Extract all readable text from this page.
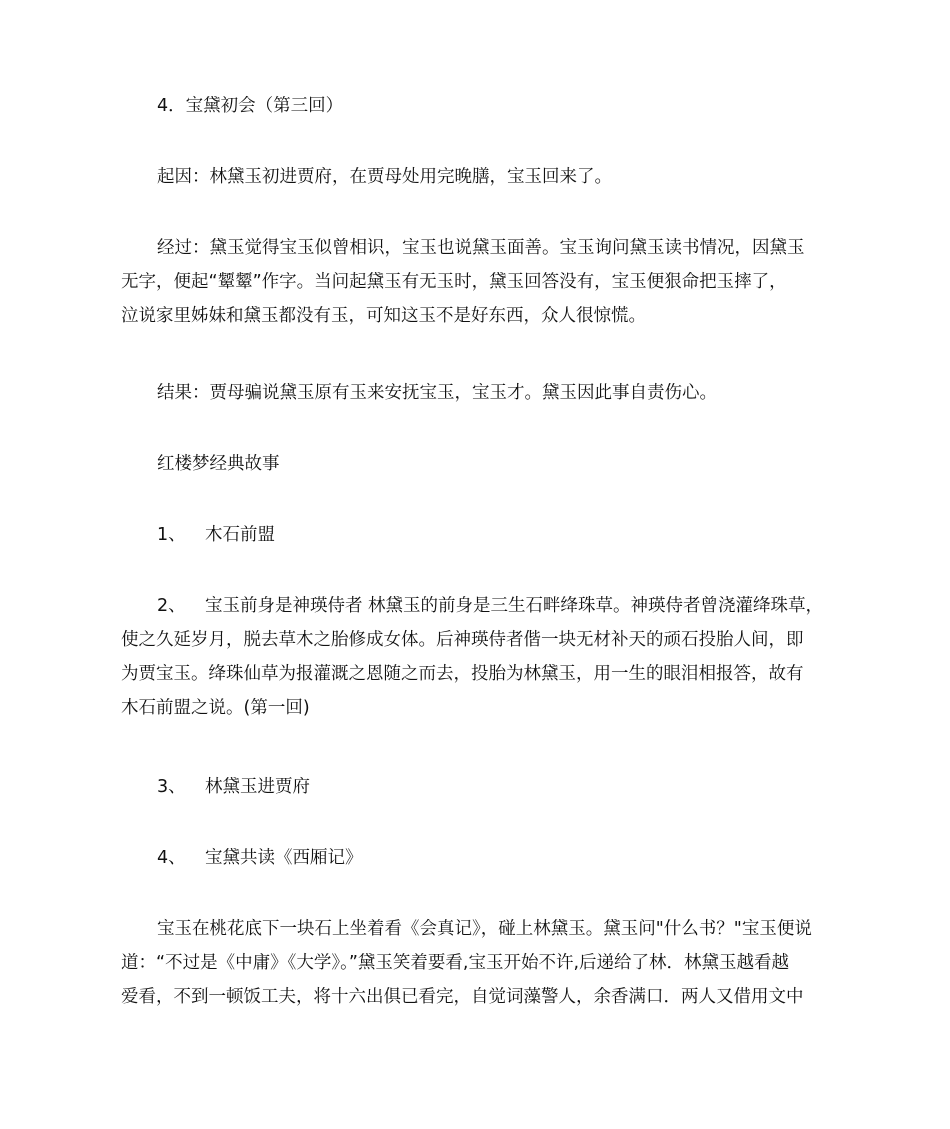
4．宝黛初会（第三回）

起因：林黛玉初进贾府，在贾母处用完晚膳，宝玉回来了。

经过：黛玉觉得宝玉似曾相识，宝玉也说黛玉面善。宝玉询问黛玉读书情况，因黛玉
无字，便起“颦颦”作字。当问起黛玉有无玉时，黛玉回答没有，宝玉便狠命把玉摔了，
泣说家里姊妹和黛玉都没有玉，可知这玉不是好东西，众人很惊慌。

结果：贾母骗说黛玉原有玉来安抚宝玉，宝玉才。黛玉因此事自责伤心。

红楼梦经典故事

1、 木石前盟

2、 宝玉前身是神瑛侍者 林黛玉的前身是三生石畔绛珠草。神瑛侍者曾浇灌绛珠草，
使之久延岁月，脱去草木之胎修成女体。后神瑛侍者偕一块无材补天的顽石投胎人间，即
为贾宝玉。绛珠仙草为报灌溉之恩随之而去，投胎为林黛玉，用一生的眼泪相报答，故有
木石前盟之说。(第一回)

3、 林黛玉进贾府

4、 宝黛共读《西厢记》

宝玉在桃花底下一块石上坐着看《会真记》，碰上林黛玉。黛玉问"什么书？"宝玉便说
道：“不过是《中庸》《大学》。”黛玉笑着要看,宝玉开始不许,后递给了林．林黛玉越看越
爱看，不到一顿饭工夫，将十六出俱已看完，自觉词藻警人，余香满口．两人又借用文中
